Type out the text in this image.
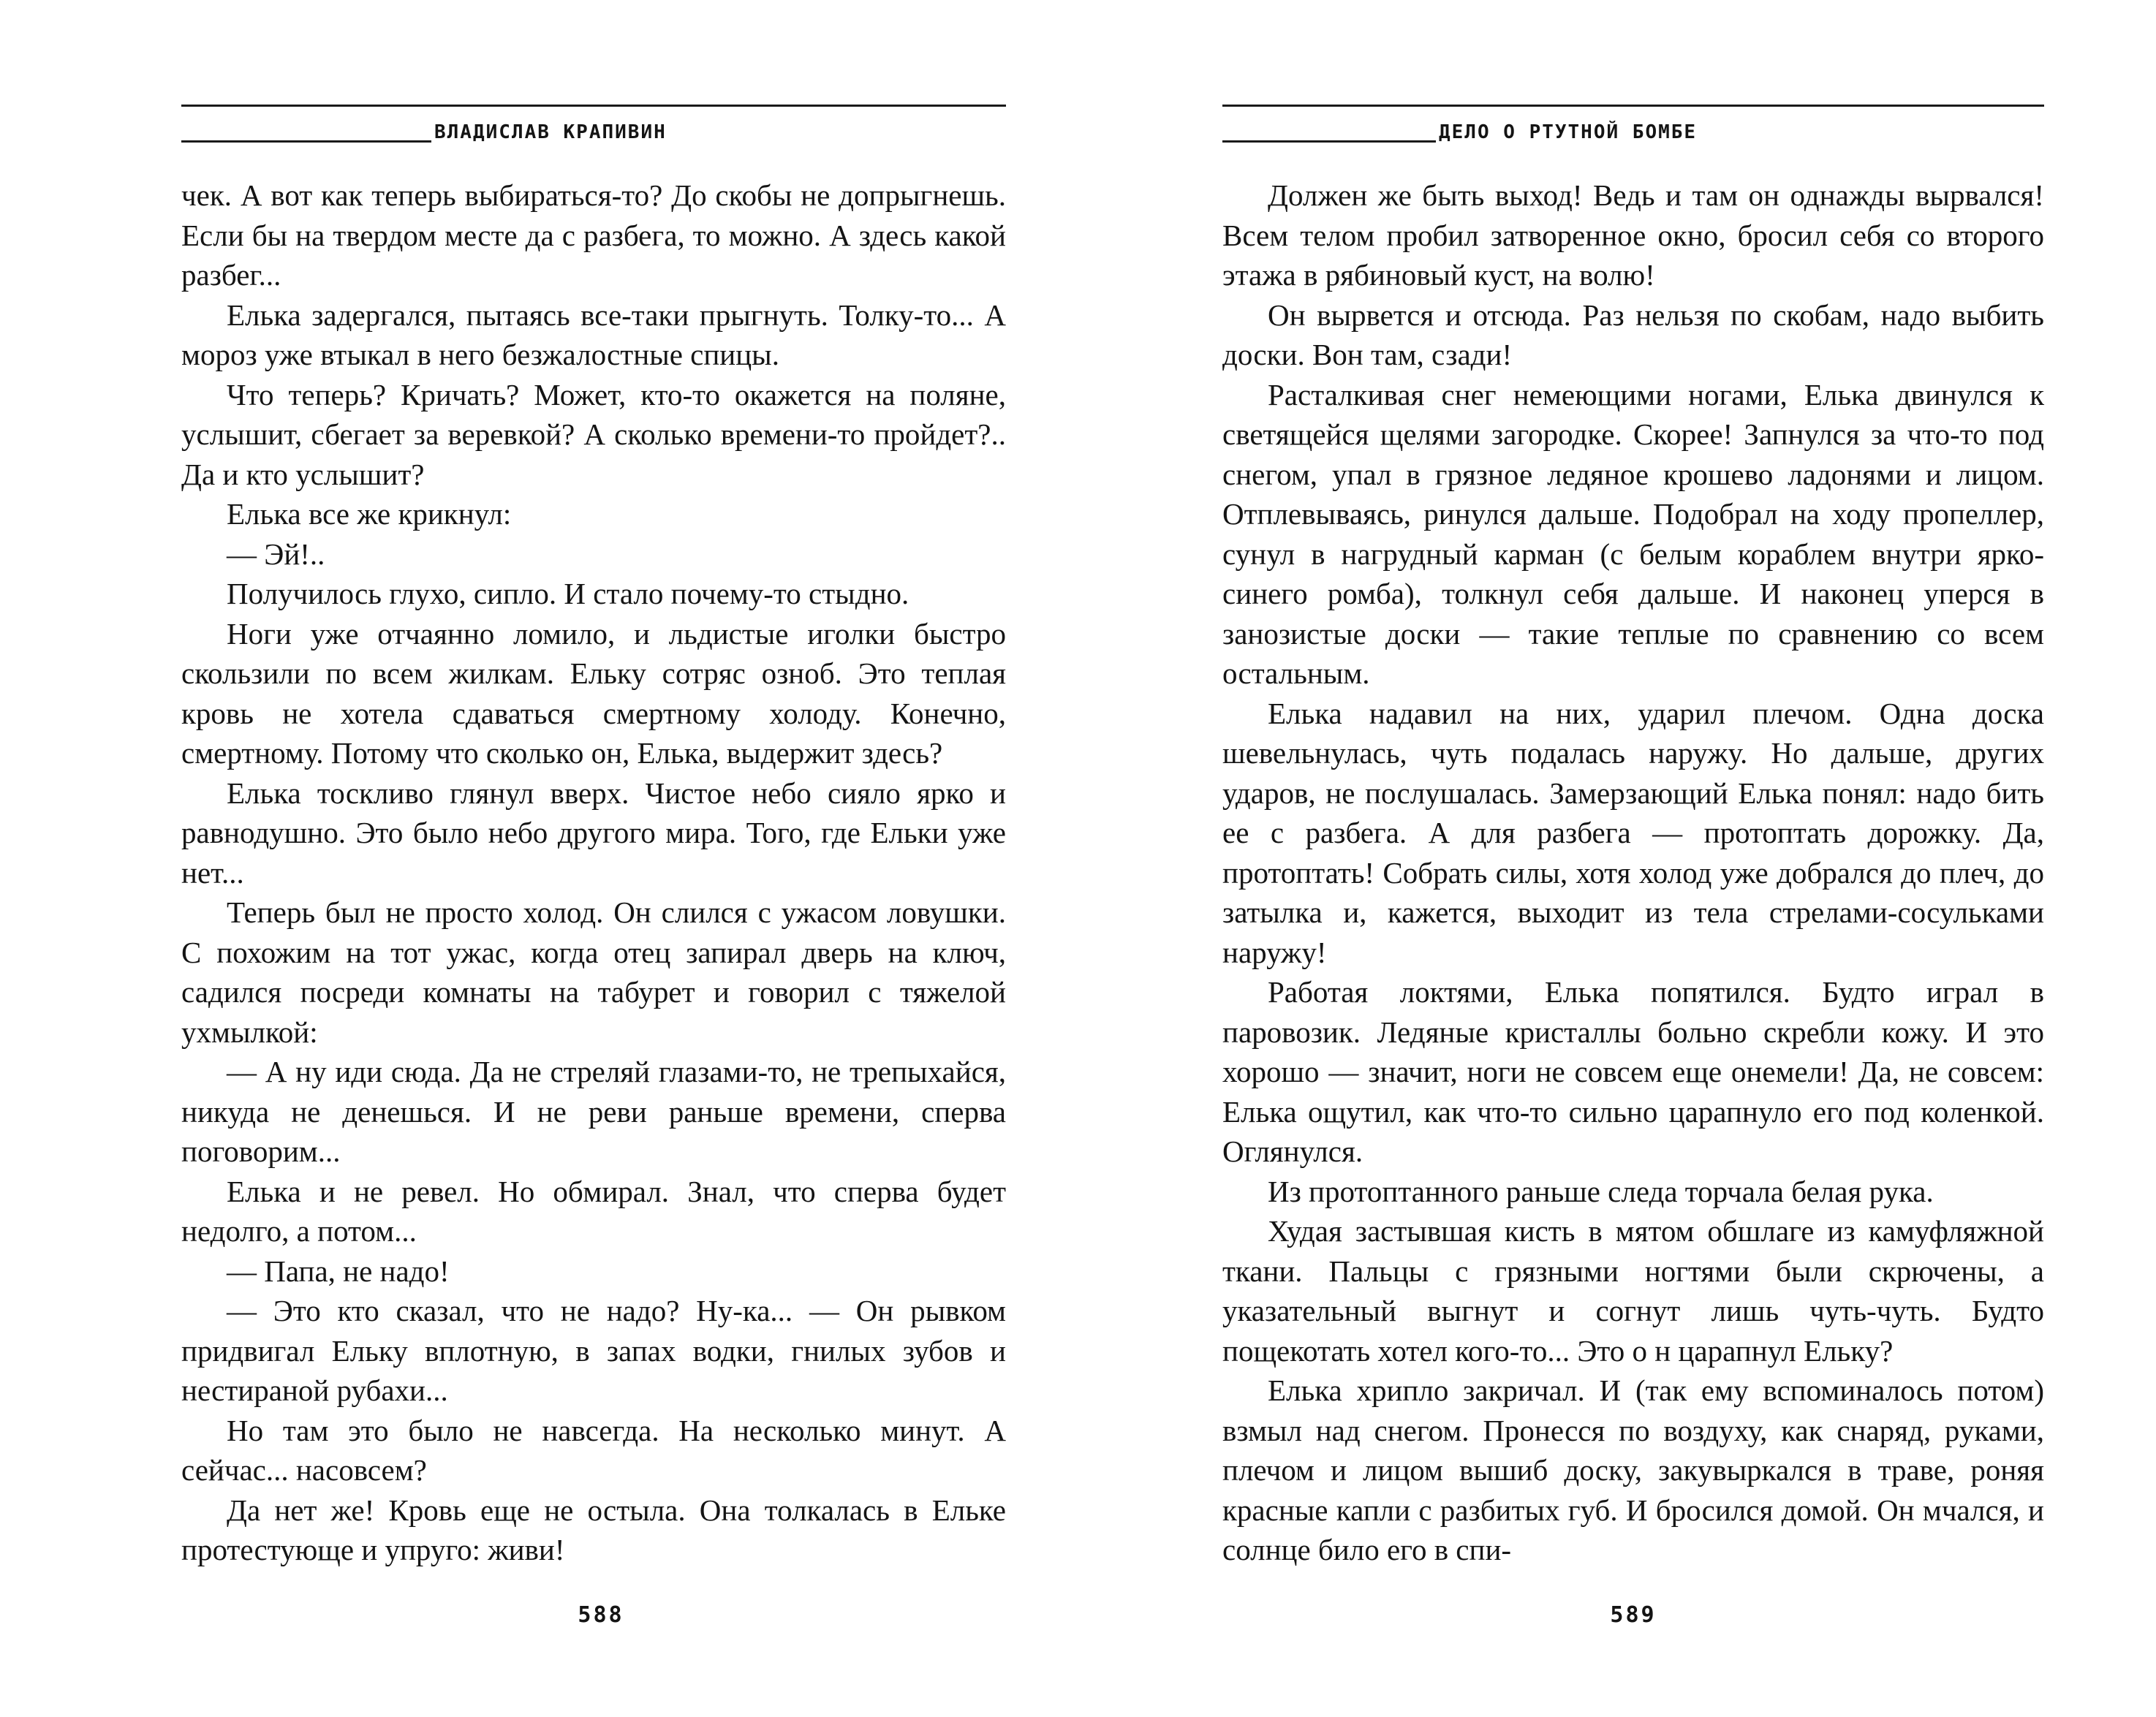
ВЛАДИСЛАВ КРАПИВИН

чек. А вот как теперь выбираться-то? До скобы не допрыгнешь. Если бы на твердом месте да с разбега, то можно. А здесь какой разбег...

Елька задергался, пытаясь все-таки прыгнуть. Толку-то... А мороз уже втыкал в него безжалостные спицы.

Что теперь? Кричать? Может, кто-то окажется на поляне, услышит, сбегает за веревкой? А сколько времени-то пройдет?.. Да и кто услышит?

Елька все же крикнул:

— Эй!..

Получилось глухо, сипло. И стало почему-то стыдно.

Ноги уже отчаянно ломило, и льдистые иголки быстро скользили по всем жилкам. Ельку сотряс озноб. Это теплая кровь не хотела сдаваться смертному холоду. Конечно, смертному. Потому что сколько он, Елька, выдержит здесь?

Елька тоскливо глянул вверх. Чистое небо сияло ярко и равнодушно. Это было небо другого мира. Того, где Ельки уже нет...

Теперь был не просто холод. Он слился с ужасом ловушки. С похожим на тот ужас, когда отец запирал дверь на ключ, садился посреди комнаты на табурет и говорил с тяжелой ухмылкой:

— А ну иди сюда. Да не стреляй глазами-то, не трепыхайся, никуда не денешься. И не реви раньше времени, сперва поговорим...

Елька и не ревел. Но обмирал. Знал, что сперва будет недолго, а потом...

— Папа, не надо!

— Это кто сказал, что не надо? Ну-ка... — Он рывком придвигал Ельку вплотную, в запах водки, гнилых зубов и нестираной рубахи...

Но там это было не навсегда. На несколько минут. А сейчас... насовсем?

Да нет же! Кровь еще не остыла. Она толкалась в Ельке протестующе и упруго: живи!

588
ДЕЛО О РТУТНОЙ БОМБЕ

Должен же быть выход! Ведь и там он однажды вырвался! Всем телом пробил затворенное окно, бросил себя со второго этажа в рябиновый куст, на волю!

Он вырвется и отсюда. Раз нельзя по скобам, надо выбить доски. Вон там, сзади!

Расталкивая снег немеющими ногами, Елька двинулся к светящейся щелями загородке. Скорее! Запнулся за что-то под снегом, упал в грязное ледяное крошево ладонями и лицом. Отплевываясь, ринулся дальше. Подобрал на ходу пропеллер, сунул в нагрудный карман (с белым кораблем внутри ярко-синего ромба), толкнул себя дальше. И наконец уперся в занозистые доски — такие теплые по сравнению со всем остальным.

Елька надавил на них, ударил плечом. Одна доска шевельнулась, чуть подалась наружу. Но дальше, других ударов, не послушалась. Замерзающий Елька понял: надо бить ее с разбега. А для разбега — протоптать дорожку. Да, протоптать! Собрать силы, хотя холод уже добрался до плеч, до затылка и, кажется, выходит из тела стрелами-сосульками наружу!

Работая локтями, Елька попятился. Будто играл в паровозик. Ледяные кристаллы больно скребли кожу. И это хорошо — значит, ноги не совсем еще онемели! Да, не совсем: Елька ощутил, как что-то сильно царапнуло его под коленкой. Оглянулся.

Из протоптанного раньше следа торчала белая рука.

Худая застывшая кисть в мятом обшлаге из камуфляжной ткани. Пальцы с грязными ногтями были скрючены, а указательный выгнут и согнут лишь чуть-чуть. Будто пощекотать хотел кого-то... Это о н царапнул Ельку?

Елька хрипло закричал. И (так ему вспоминалось потом) взмыл над снегом. Пронесся по воздуху, как снаряд, руками, плечом и лицом вышиб доску, закувыркался в траве, роняя красные капли с разбитых губ. И бросился домой. Он мчался, и солнце било его в спи-

589
